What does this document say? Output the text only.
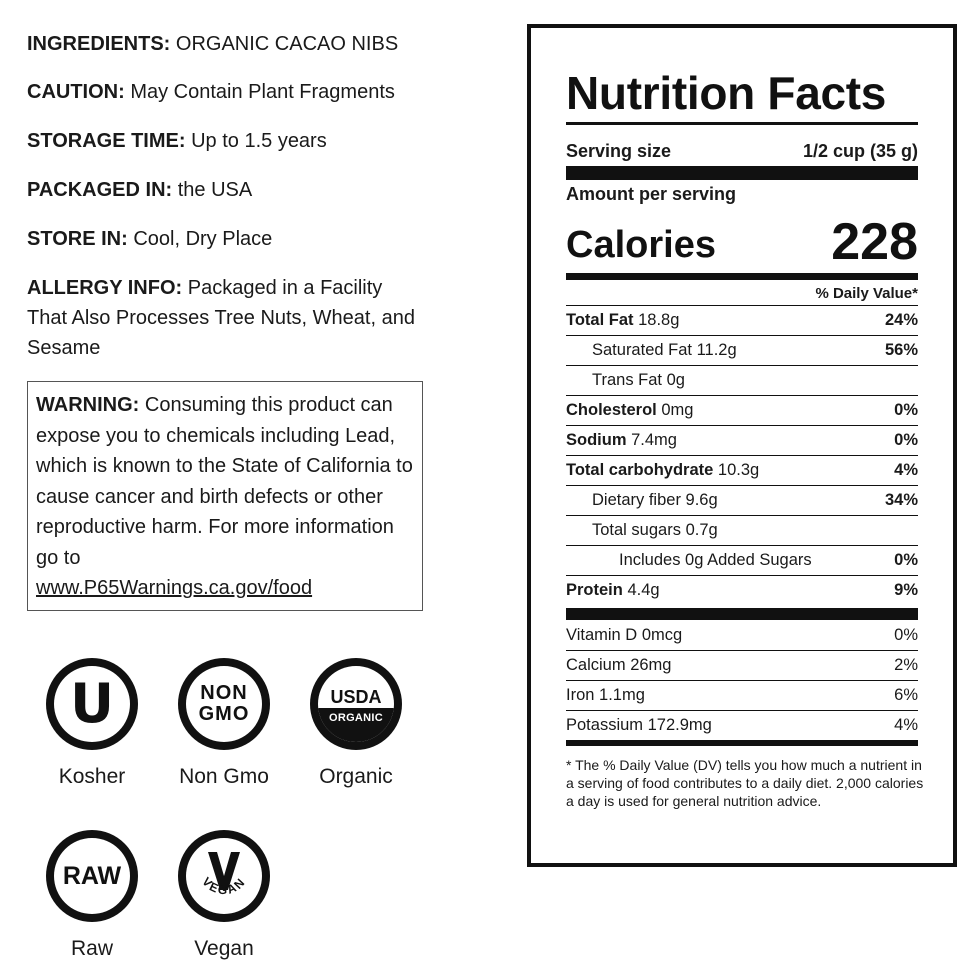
INGREDIENTS: ORGANIC CACAO NIBS

CAUTION: May Contain Plant Fragments

STORAGE TIME: Up to 1.5 years

PACKAGED IN: the USA

STORE IN: Cool, Dry Place

ALLERGY INFO: Packaged in a Facility That Also Processes Tree Nuts, Wheat, and Sesame

WARNING: Consuming this product can expose you to chemicals including Lead, which is known to the State of California to cause cancer and birth defects or other reproductive harm. For more information go to
www.P65Warnings.ca.gov/food
U
Kosher
NON
GMO
Non Gmo
USDA
ORGANIC
Organic
RAW
Raw
VEGAN
Vegan
Nutrition Facts
Serving size	1/2 cup (35 g)
Amount per serving
Calories 228
% Daily Value*
* The % Daily Value (DV) tells you how much a nutrient in a serving of food contributes to a daily diet. 2,000 calories a day is used for general nutrition advice.
Total Fat 18.8g	24%
Saturated Fat 11.2g	56%
Trans Fat 0g
Cholesterol 0mg	0%
Sodium 7.4mg	0%
Total carbohydrate 10.3g	4%
Dietary fiber 9.6g	34%
Total sugars 0.7g
Includes 0g Added Sugars	0%
Protein 4.4g	9%
Vitamin D 0mcg	0%
Calcium 26mg	2%
Iron 1.1mg	6%
Potassium 172.9mg	4%
